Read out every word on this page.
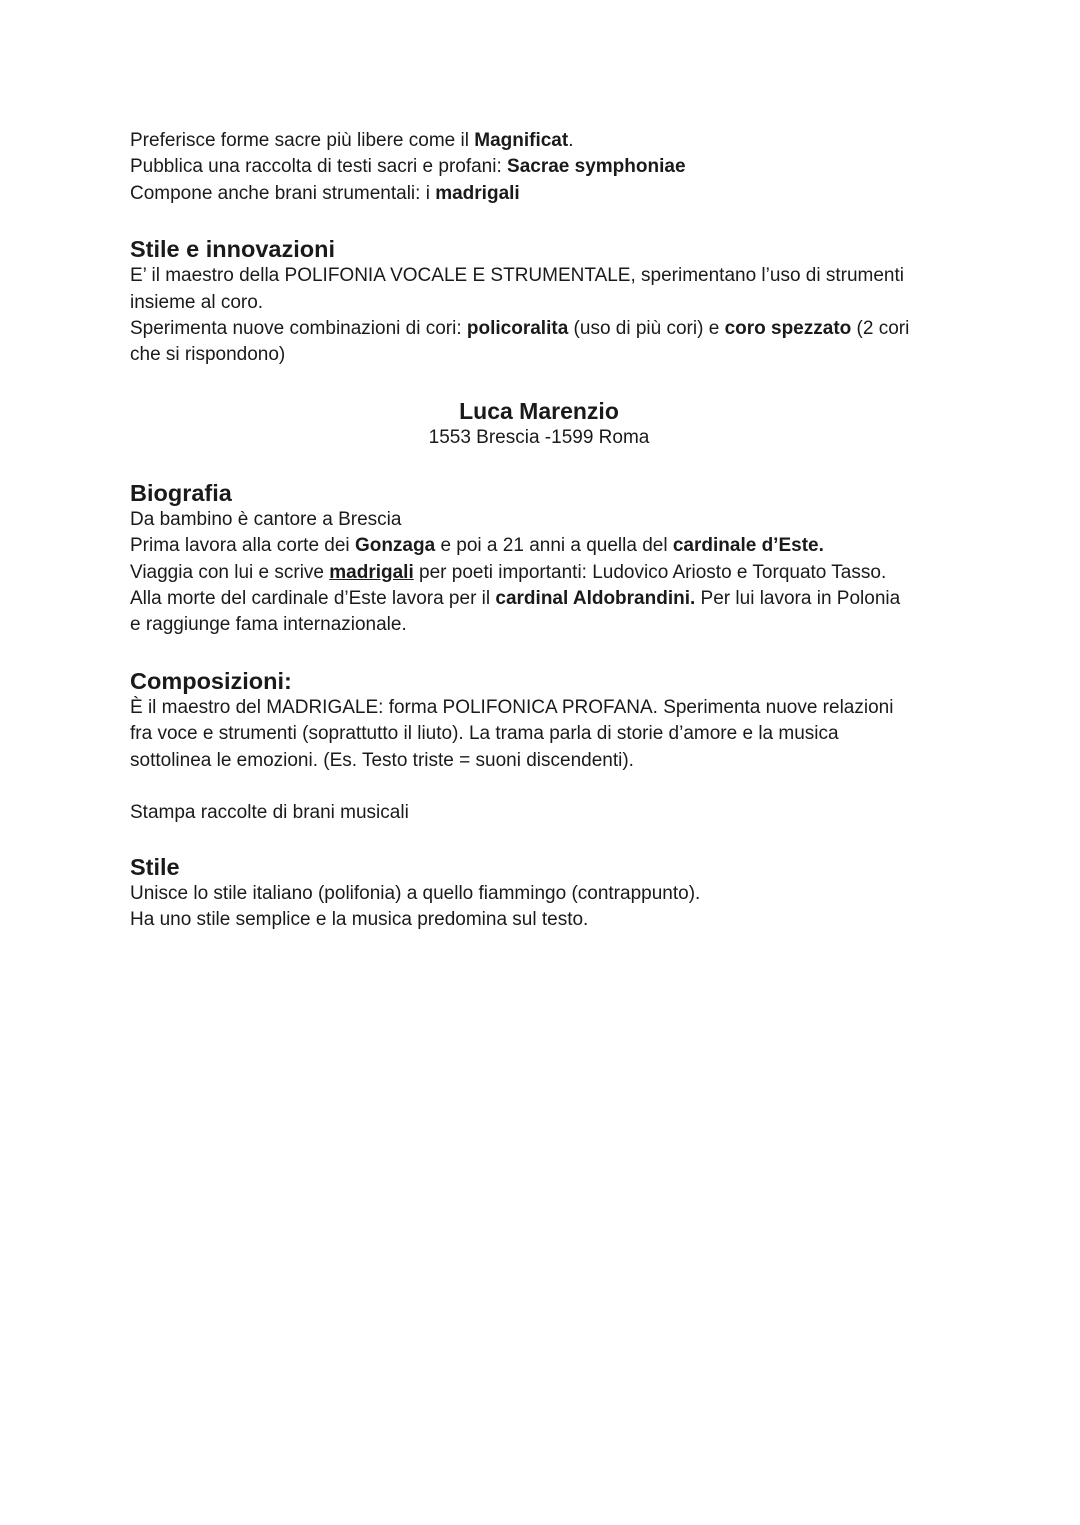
Preferisce forme sacre più libere come il Magnificat.

Pubblica una raccolta di testi sacri e profani: Sacrae symphoniae

Compone anche brani strumentali: i madrigali

Stile e innovazioni

E’ il maestro della POLIFONIA VOCALE E STRUMENTALE, sperimentano l’uso di strumenti

insieme al coro.

Sperimenta nuove combinazioni di cori: policoralita (uso di più cori) e coro spezzato (2 cori

che si rispondono)

Luca Marenzio

1553 Brescia -1599 Roma

Biografia

Da bambino è cantore a Brescia

Prima lavora alla corte dei Gonzaga e poi a 21 anni a quella del cardinale d’Este.

Viaggia con lui e scrive madrigali per poeti importanti: Ludovico Ariosto e Torquato Tasso.

Alla morte del cardinale d’Este lavora per il cardinal Aldobrandini. Per lui lavora in Polonia

e raggiunge fama internazionale.

Composizioni:

È il maestro del MADRIGALE: forma POLIFONICA PROFANA. Sperimenta nuove relazioni

fra voce e strumenti (soprattutto il liuto). La trama parla di storie d’amore e la musica

sottolinea le emozioni. (Es. Testo triste = suoni discendenti).

Stampa raccolte di brani musicali

Stile

Unisce lo stile italiano (polifonia) a quello fiammingo (contrappunto).

Ha uno stile semplice e la musica predomina sul testo.
